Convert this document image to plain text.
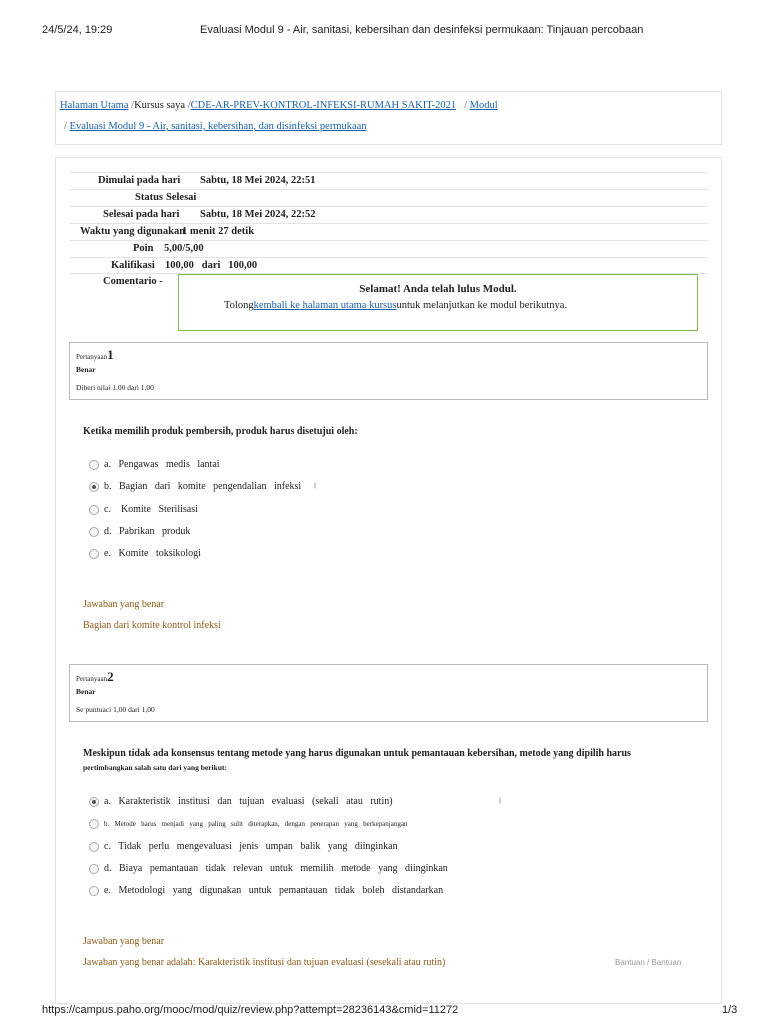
24/5/24, 19:29	Evaluasi Modul 9 - Air, sanitasi, kebersihan dan desinfeksi permukaan: Tinjauan percobaan
Halaman Utama /Kursus saya /CDE-AR-PREV-KONTROL-INFEKSI-RUMAH SAKIT-2021 / Modul
/ Evaluasi Modul 9 - Air, sanitasi, kebersihan, dan disinfeksi permukaan
Dimulai pada hari Sabtu, 18 Mei 2024, 22:51
Status Selesai
Selesai pada hari Sabtu, 18 Mei 2024, 22:52
Waktu yang digunakan
1 menit 27 detik
Poin 5,00/5,00
Kalifikasi 100,00   dari   100,00
Comentario -
Selamat! Anda telah lulus Modul.
Tolongkembali ke halaman utama kursusuntuk melanjutkan ke modul berikutnya.
Pertanyaan1
Benar
Diberi nilai 1.00 dari 1.00
Ketika memilih produk pembersih, produk harus disetujui oleh:
a. Pengawas   medis   lantai
b. Bagian   dari   komite   pengendalian   infeksi ╷
c. Komite   Sterilisasi
d. Pabrikan   produk
e. Komite   toksikologi
Jawaban yang benar
Bagian dari komite kontrol infeksi
Pertanyaan2
Benar
Se puntuaci 1,00 dari 1,00
Meskipun tidak ada konsensus tentang metode yang harus digunakan untuk pemantauan kebersihan, metode yang dipilih harus
pertimbangkan salah satu dari yang berikut:
a. Karakteristik   institusi   dan   tujuan   evaluasi   (sekali   atau   rutin)	╷
b. Metode   harus   menjadi   yang   paling   sulit   diterapkan,   dengan   penerapan   yang   berkepanjangan
c. Tidak   perlu   mengevaluasi   jenis   umpan   balik   yang   diinginkan
d. Biaya   pemantauan   tidak   relevan   untuk   memilih   metode   yang   diinginkan
e. Metodologi   yang   digunakan   untuk   pemantauan   tidak   boleh   distandarkan
Jawaban yang benar
Jawaban yang benar adalah: Karakteristik institusi dan tujuan evaluasi (sesekali atau rutin)	Bantuan / Bantuan
https://campus.paho.org/mooc/mod/quiz/review.php?attempt=28236143&cmid=11272	1/3
